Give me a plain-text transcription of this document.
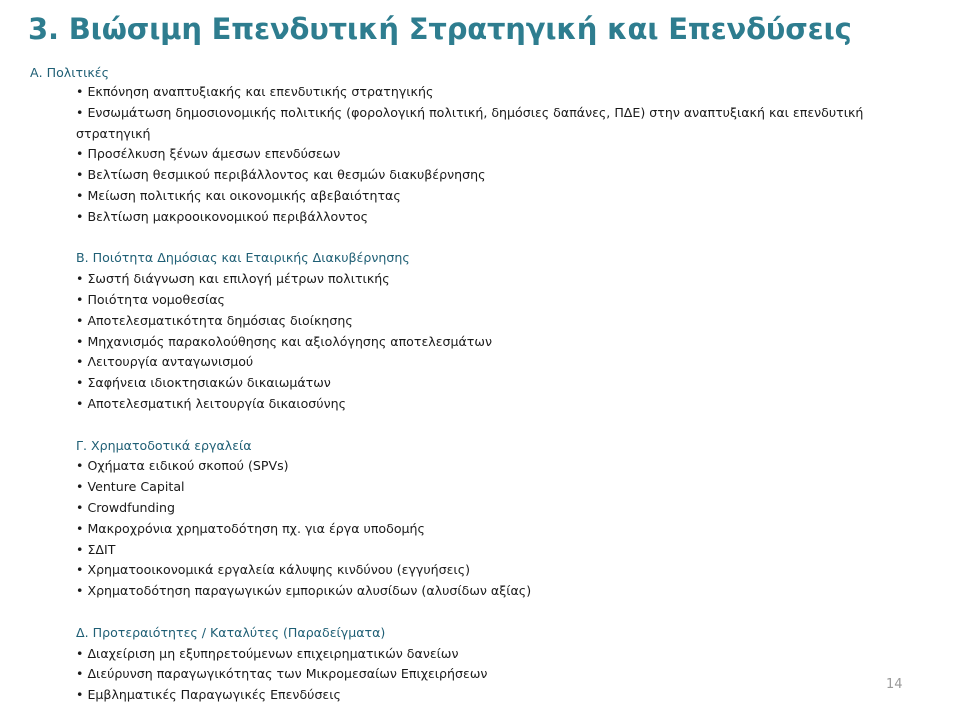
3. Βιώσιμη Επενδυτική Στρατηγική και Επενδύσεις
Α. Πολιτικές

• Εκπόνηση αναπτυξιακής και επενδυτικής στρατηγικής

• Ενσωμάτωση δημοσιονομικής πολιτικής (φορολογική πολιτική, δημόσιες δαπάνες, ΠΔΕ) στην αναπτυξιακή και επενδυτική στρατηγική

• Προσέλκυση ξένων άμεσων επενδύσεων

• Βελτίωση θεσμικού περιβάλλοντος και θεσμών διακυβέρνησης

• Μείωση πολιτικής και οικονομικής αβεβαιότητας

• Βελτίωση μακροοικονομικού περιβάλλοντος

Β. Ποιότητα Δημόσιας και Εταιρικής Διακυβέρνησης

• Σωστή διάγνωση και επιλογή μέτρων πολιτικής

• Ποιότητα νομοθεσίας

• Αποτελεσματικότητα δημόσιας διοίκησης

• Μηχανισμός παρακολούθησης και αξιολόγησης αποτελεσμάτων

• Λειτουργία ανταγωνισμού

• Σαφήνεια ιδιοκτησιακών δικαιωμάτων

• Αποτελεσματική λειτουργία δικαιοσύνης

Γ. Χρηματοδοτικά εργαλεία

• Οχήματα ειδικού σκοπού (SPVs)

• Venture Capital

• Crowdfunding

• Μακροχρόνια χρηματοδότηση πχ. για έργα υποδομής

• ΣΔΙΤ

• Χρηματοοικονομικά εργαλεία κάλυψης κινδύνου (εγγυήσεις)

• Χρηματοδότηση παραγωγικών εμπορικών αλυσίδων (αλυσίδων αξίας)

Δ. Προτεραιότητες / Καταλύτες (Παραδείγματα)

• Διαχείριση μη εξυπηρετούμενων επιχειρηματικών δανείων

• Διεύρυνση παραγωγικότητας των Μικρομεσαίων Επιχειρήσεων

• Εμβληματικές Παραγωγικές Επενδύσεις

14
